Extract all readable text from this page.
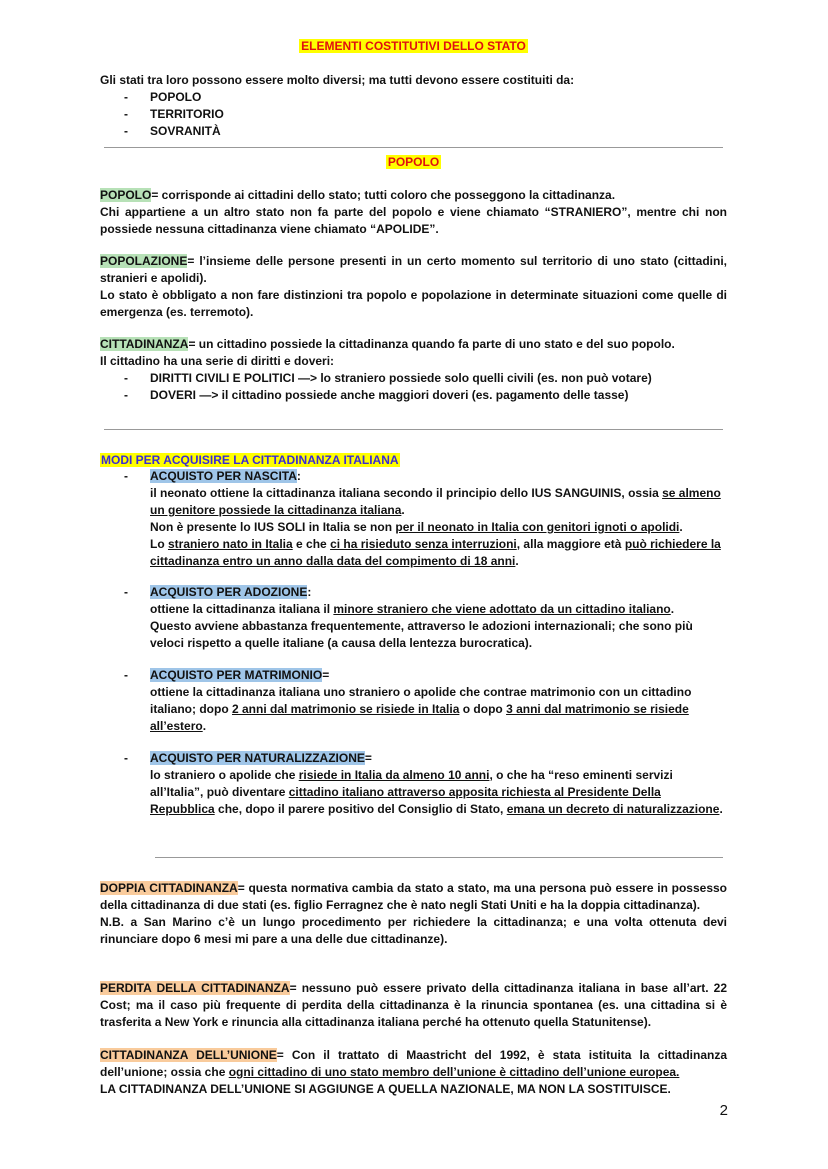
ELEMENTI COSTITUTIVI DELLO STATO
Gli stati tra loro possono essere molto diversi; ma tutti devono essere costituiti da:
- POPOLO
- TERRITORIO
- SOVRANITÀ
POPOLO
POPOLO= corrisponde ai cittadini dello stato; tutti coloro che posseggono la cittadinanza.
Chi appartiene a un altro stato non fa parte del popolo e viene chiamato “STRANIERO”, mentre chi non possiede nessuna cittadinanza viene chiamato “APOLIDE”.
POPOLAZIONE= l’insieme delle persone presenti in un certo momento sul territorio di uno stato (cittadini, stranieri e apolidi).
Lo stato è obbligato a non fare distinzioni tra popolo e popolazione in determinate situazioni come quelle di emergenza (es. terremoto).
CITTADINANZA= un cittadino possiede la cittadinanza quando fa parte di uno stato e del suo popolo.
Il cittadino ha una serie di diritti e doveri:
- DIRITTI CIVILI E POLITICI —> lo straniero possiede solo quelli civili (es. non può votare)
- DOVERI —> il cittadino possiede anche maggiori doveri (es. pagamento delle tasse)
MODI PER ACQUISIRE LA CITTADINANZA ITALIANA
- ACQUISTO PER NASCITA:
il neonato ottiene la cittadinanza italiana secondo il principio dello IUS SANGUINIS, ossia se almeno un genitore possiede la cittadinanza italiana.
Non è presente lo IUS SOLI in Italia se non per il neonato in Italia con genitori ignoti o apolidi.
Lo straniero nato in Italia e che ci ha risieduto senza interruzioni, alla maggiore età può richiedere la cittadinanza entro un anno dalla data del compimento di 18 anni.
- ACQUISTO PER ADOZIONE:
ottiene la cittadinanza italiana il minore straniero che viene adottato da un cittadino italiano.
Questo avviene abbastanza frequentemente, attraverso le adozioni internazionali; che sono più veloci rispetto a quelle italiane (a causa della lentezza burocratica).
- ACQUISTO PER MATRIMONIO=
ottiene la cittadinanza italiana uno straniero o apolide che contrae matrimonio con un cittadino italiano; dopo 2 anni dal matrimonio se risiede in Italia o dopo 3 anni dal matrimonio se risiede all’estero.
- ACQUISTO PER NATURALIZZAZIONE=
lo straniero o apolide che risiede in Italia da almeno 10 anni, o che ha “reso eminenti servizi all’Italia”, può diventare cittadino italiano attraverso apposita richiesta al Presidente Della Repubblica che, dopo il parere positivo del Consiglio di Stato, emana un decreto di naturalizzazione.
DOPPIA CITTADINANZA= questa normativa cambia da stato a stato, ma una persona può essere in possesso della cittadinanza di due stati (es. figlio Ferragnez che è nato negli Stati Uniti e ha la doppia cittadinanza).
N.B. a San Marino c’è un lungo procedimento per richiedere la cittadinanza; e una volta ottenuta devi rinunciare dopo 6 mesi mi pare a una delle due cittadinanze).
PERDITA DELLA CITTADINANZA= nessuno può essere privato della cittadinanza italiana in base all’art. 22 Cost; ma il caso più frequente di perdita della cittadinanza è la rinuncia spontanea (es. una cittadina si è trasferita a New York e rinuncia alla cittadinanza italiana perché ha ottenuto quella Statunitense).
CITTADINANZA DELL’UNIONE= Con il trattato di Maastricht del 1992, è stata istituita la cittadinanza dell’unione; ossia che ogni cittadino di uno stato membro dell’unione è cittadino dell’unione europea.
LA CITTADINANZA DELL’UNIONE SI AGGIUNGE A QUELLA NAZIONALE, MA NON LA SOSTITUISCE.
2
